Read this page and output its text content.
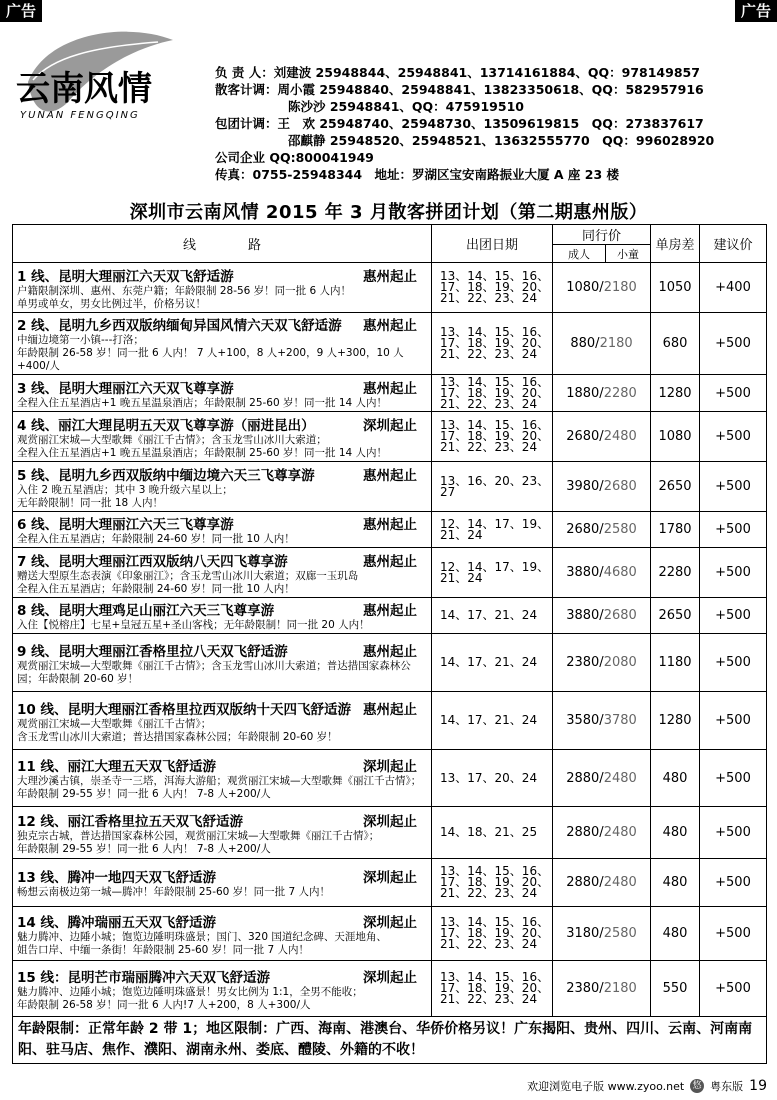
广告	广告
云南风情
YUNAN FENGQING
负 责 人：刘建波 25948844、25948841、13714161884、QQ：978149857
散客计调：周小霞 25948840、25948841、13823350618、QQ：582957916
陈沙沙 25948841、QQ：475919510
包团计调：王　欢 25948740、25948730、13509619815　QQ：273837617
邵麒静 25948520、25948521、13632555770　QQ：996028920
公司企业 QQ:800041949
传真：0755-25948344　地址：罗湖区宝安南路振业大厦 A 座 23 楼
深圳市云南风情 2015 年 3 月散客拼团计划（第二期惠州版）
线　　　　路	出团日期	同行价		单房差	建议价
		成人	小童		

1 线、昆明大理丽江六天双飞舒适游 惠州起止
户籍限制深圳、惠州、东莞户籍；年龄限制 28-56 岁！同一批 6 人内！
单男或单女，男女比例过半，价格另议！	13、14、15、16、17、18、19、20、21、22、23、24	1080/2180		1050	+400

2 线、昆明九乡西双版纳缅甸异国风情六天双飞舒适游 惠州起止
中缅边境第一小镇---打洛；
年龄限制 26-58 岁！同一批 6 人内！ 7 人+100，8 人+200，9 人+300，10 人+400/人	13、14、15、16、17、18、19、20、21、22、23、24	880/2180		680	+500

3 线、昆明大理丽江六天双飞尊享游 惠州起止
全程入住五星酒店+1 晚五星温泉酒店；年龄限制 25-60 岁！同一批 14 人内！	13、14、15、16、17、18、19、20、21、22、23、24	1880/2280		1280	+500

4 线、丽江大理昆明五天双飞尊享游（丽进昆出） 深圳起止
观赏丽江宋城—大型歌舞《丽江千古情》；含玉龙雪山冰川大索道；
全程入住五星酒店+1 晚五星温泉酒店；年龄限制 25-60 岁！同一批 14 人内！	13、14、15、16、17、18、19、20、21、22、23、24	2680/2480		1080	+500

5 线、昆明九乡西双版纳中缅边境六天三飞尊享游 惠州起止
入住 2 晚五星酒店；其中 3 晚升级六星以上；
无年龄限制！同一批 18 人内！	13、16、20、23、27	3980/2680		2650	+500

6 线、昆明大理丽江六天三飞尊享游 惠州起止
全程入住五星酒店；年龄限制 24-60 岁！同一批 10 人内！	12、14、17、19、21、24	2680/2580		1780	+500

7 线、昆明大理丽江西双版纳八天四飞尊享游 惠州起止
赠送大型原生态表演《印象丽江》；含玉龙雪山冰川大索道；双廊一玉玑岛
全程入住五星酒店；年龄限制 24-60 岁！同一批 10 人内！	12、14、17、19、21、24	3880/4680		2280	+500

8 线、昆明大理鸡足山丽江六天三飞尊享游 惠州起止
入住【悦榕庄】七星+皇冠五星+圣山客栈；无年龄限制！同一批 20 人内！	14、17、21、24	3880/2680		2650	+500

9 线、昆明大理丽江香格里拉八天双飞舒适游 惠州起止
观赏丽江宋城—大型歌舞《丽江千古情》；含玉龙雪山冰川大索道；普达措国家森林公园；年龄限制 20-60 岁！	14、17、21、24	2380/2080		1180	+500

10 线、昆明大理丽江香格里拉西双版纳十天四飞舒适游 惠州起止
观赏丽江宋城—大型歌舞《丽江千古情》；
含玉龙雪山冰川大索道；普达措国家森林公园；年龄限制 20-60 岁！	14、17、21、24	3580/3780		1280	+500

11 线、丽江大理五天双飞舒适游 深圳起止
大理沙溪古镇，崇圣寺一三塔，洱海大游船；观赏丽江宋城—大型歌舞《丽江千古情》；年龄限制 29-55 岁！同一批 6 人内！ 7-8 人+200/人	13、17、20、24	2880/2480		480	+500

12 线、丽江香格里拉五天双飞舒适游 深圳起止
独克宗古城，普达措国家森林公园，观赏丽江宋城—大型歌舞《丽江千古情》；
年龄限制 29-55 岁！同一批 6 人内！ 7-8 人+200/人	14、18、21、25	2880/2480		480	+500

13 线、腾冲一地四天双飞舒适游 深圳起止
畅想云南极边第一城—腾冲！年龄限制 25-60 岁！同一批 7 人内！	13、14、15、16、17、18、19、20、21、22、23、24	2880/2480		480	+500

14 线、腾冲瑞丽五天双飞舒适游 深圳起止
魅力腾冲、边陲小城；饱览边陲明珠盛景；国门、320 国道纪念碑、天涯地角、
姐告口岸、中缅一条街！年龄限制 25-60 岁！同一批 7 人内！	13、14、15、16、17、18、19、20、21、22、23、24	3180/2580		480	+500

15 线：昆明芒市瑞丽腾冲六天双飞舒适游 深圳起止
魅力腾冲、边陲小城；饱览边陲明珠盛景！男女比例为 1:1，全男不能收；
年龄限制 26-58 岁！同一批 6 人内!7 人+200，8 人+300/人	13、14、15、16、17、18、19、20、21、22、23、24	2380/2180		550	+500
年龄限制：正常年龄 2 带 1；地区限制：广西、海南、港澳台、华侨价格另议！广东揭阳、贵州、四川、云南、河南南阳、驻马店、焦作、濮阳、湖南永州、娄底、醴陵、外籍的不收！					
欢迎浏览电子版 www.zyoo.net 悠 粤东版 19
